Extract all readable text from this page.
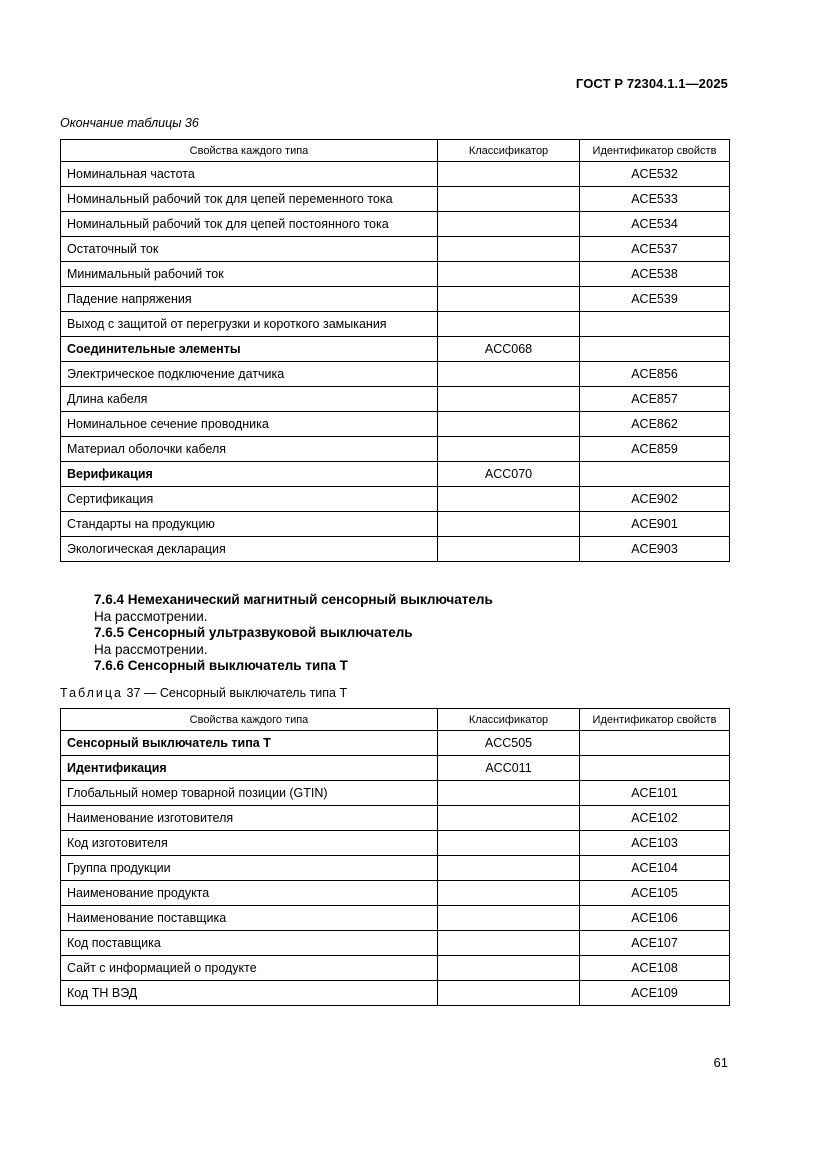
ГОСТ Р 72304.1.1—2025
Окончание таблицы 36
Свойства каждого типа	Классификатор	Идентификатор свойств
Номинальная частота		ACE532
Номинальный рабочий ток для цепей переменного тока		ACE533
Номинальный рабочий ток для цепей постоянного тока		ACE534
Остаточный ток		ACE537
Минимальный рабочий ток		ACE538
Падение напряжения		ACE539
Выход с защитой от перегрузки и короткого замыкания		
Соединительные элементы	ACC068	
Электрическое подключение датчика		ACE856
Длина кабеля		ACE857
Номинальное сечение проводника		ACE862
Материал оболочки кабеля		ACE859
Верификация	ACC070	
Сертификация		ACE902
Стандарты на продукцию		ACE901
Экологическая декларация		ACE903
7.6.4 Немеханический магнитный сенсорный выключатель
На рассмотрении.
7.6.5 Сенсорный ультразвуковой выключатель
На рассмотрении.
7.6.6 Сенсорный выключатель типа Т
Таблица 37 — Сенсорный выключатель типа Т
Свойства каждого типа	Классификатор	Идентификатор свойств
Сенсорный выключатель типа Т	ACC505	
Идентификация	ACC011	
Глобальный номер товарной позиции (GTIN)		ACE101
Наименование изготовителя		ACE102
Код изготовителя		ACE103
Группа продукции		ACE104
Наименование продукта		ACE105
Наименование поставщика		ACE106
Код поставщика		ACE107
Сайт с информацией о продукте		ACE108
Код ТН ВЭД		ACE109
61
